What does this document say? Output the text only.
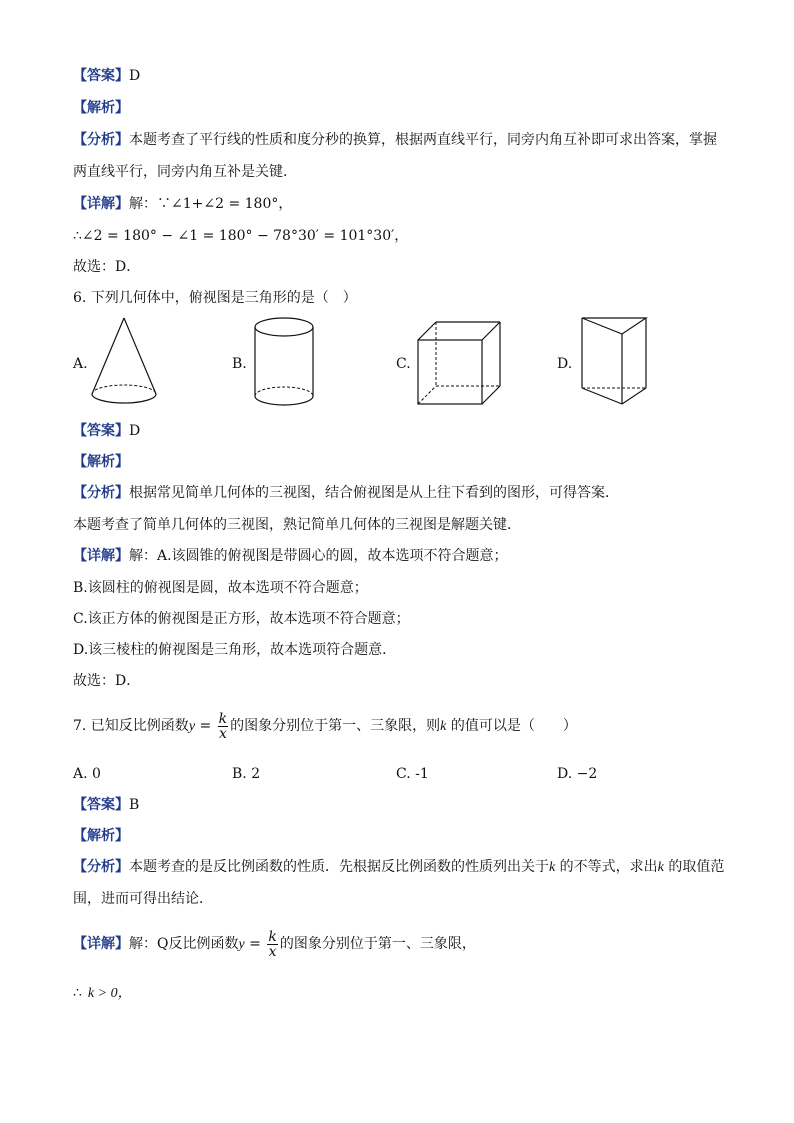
【答案】D
【解析】
【分析】本题考查了平行线的性质和度分秒的换算，根据两直线平行，同旁内角互补即可求出答案，掌握
两直线平行，同旁内角互补是关键．
【详解】解：∵∠1+∠2 = 180°，
∴∠2 = 180° − ∠1 = 180° − 78°30′ = 101°30′，
故选：D．
6. 下列几何体中，俯视图是三角形的是（　）
A.	B.	C.	D.
【答案】D
【解析】
【分析】根据常见简单几何体的三视图，结合俯视图是从上往下看到的图形，可得答案．
本题考查了简单几何体的三视图，熟记简单几何体的三视图是解题关键．
【详解】解：A.该圆锥的俯视图是带圆心的圆，故本选项不符合题意；
B.该圆柱的俯视图是圆，故本选项不符合题意；
C.该正方体的俯视图是正方形，故本选项不符合题意；
D.该三棱柱的俯视图是三角形，故本选项符合题意．
故选：D．
7. 已知反比例函数$y = \frac{k}{x}$ 的图象分别位于第一、三象限，则k 的值可以是（　　）
A. 0	B. 2	C. -1	D. −2
【答案】B
【解析】
【分析】本题考查的是反比例函数的性质．先根据反比例函数的性质列出关于k 的不等式，求出k 的取值范
围，进而可得出结论．
【详解】解：Q反比例函数$y = \frac{k}{x}$ 的图象分别位于第一、三象限，
∴ k > 0，
